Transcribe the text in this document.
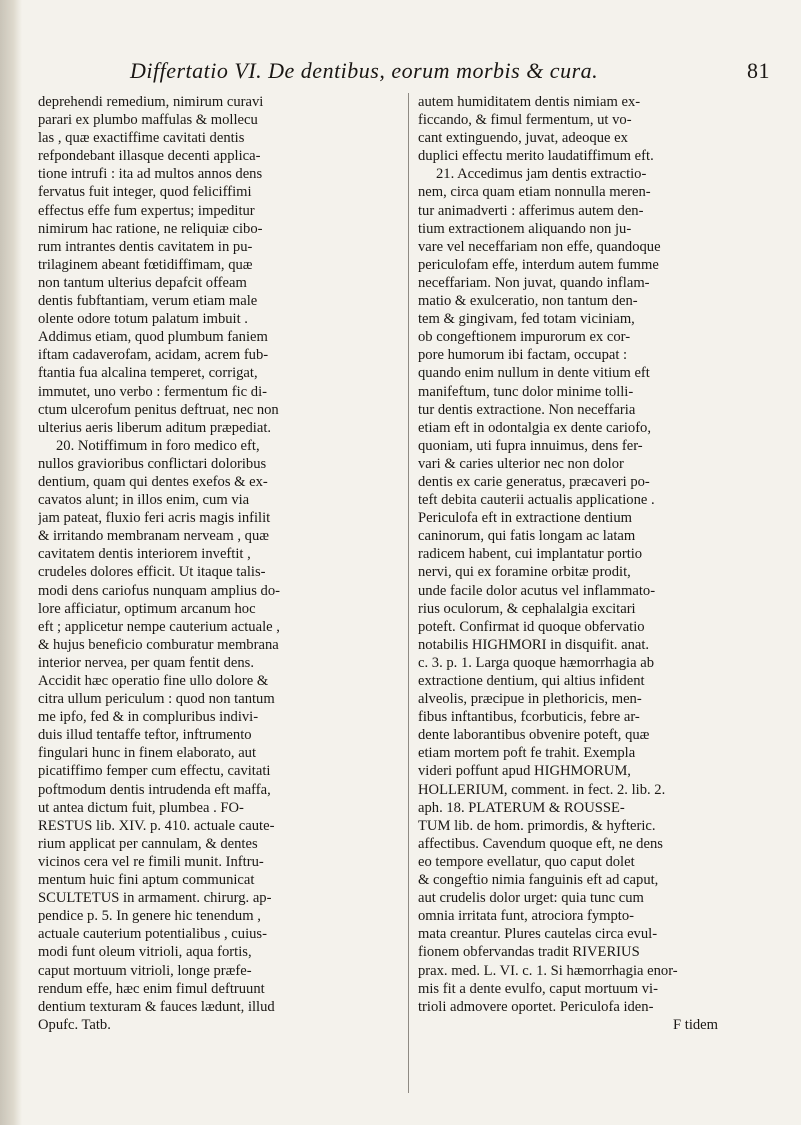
Differtatio VI. De dentibus, eorum morbis & cura.	81
deprehendi remedium, nimirum curavi
parari ex plumbo maffulas & mollecu
las , quæ exactiffime cavitati dentis
refpondebant illasque decenti applica-
tione intrufi : ita ad multos annos dens
fervatus fuit integer, quod feliciffimi
effectus effe fum expertus; impeditur
nimirum hac ratione, ne reliquiæ cibo-
rum intrantes dentis cavitatem in pu-
trilaginem abeant fœtidiffimam, quæ
non tantum ulterius depafcit offeam
dentis fubftantiam, verum etiam male
olente odore totum palatum imbuit .
Addimus etiam, quod plumbum faniem
iftam cadaverofam, acidam, acrem fub-
ftantia fua alcalina temperet, corrigat,
immutet, uno verbo : fermentum fic di-
ctum ulcerofum penitus deftruat, nec non
ulterius aeris liberum aditum præpediat.
20. Notiffimum in foro medico eft,
nullos gravioribus conflictari doloribus
dentium, quam qui dentes exefos & ex-
cavatos alunt; in illos enim, cum via
jam pateat, fluxio feri acris magis infilit
& irritando membranam nerveam , quæ
cavitatem dentis interiorem inveftit ,
crudeles dolores efficit. Ut itaque talis-
modi dens cariofus nunquam amplius do-
lore afficiatur, optimum arcanum hoc
eft ; applicetur nempe cauterium actuale ,
& hujus beneficio comburatur membrana
interior nervea, per quam fentit dens.
Accidit hæc operatio fine ullo dolore &
citra ullum periculum : quod non tantum
me ipfo, fed & in compluribus indivi-
duis illud tentaffe teftor, inftrumento
fingulari hunc in finem elaborato, aut
picatiffimo femper cum effectu, cavitati
poftmodum dentis intrudenda eft maffa,
ut antea dictum fuit, plumbea . FO-
RESTUS lib. XIV. p. 410. actuale caute-
rium applicat per cannulam, & dentes
vicinos cera vel re fimili munit. Inftru-
mentum huic fini aptum communicat
SCULTETUS in armament. chirurg. ap-
pendice p. 5. In genere hic tenendum ,
actuale cauterium potentialibus , cuius-
modi funt oleum vitrioli, aqua fortis,
caput mortuum vitrioli, longe præfe-
rendum effe, hæc enim fimul deftruunt
dentium texturam & fauces lædunt, illud
Opufc. Tatb.
autem humiditatem dentis nimiam ex-
ficcando, & fimul fermentum, ut vo-
cant extinguendo, juvat, adeoque ex
duplici effectu merito laudatiffimum eft.
21. Accedimus jam dentis extractio-
nem, circa quam etiam nonnulla meren-
tur animadverti : afferimus autem den-
tium extractionem aliquando non ju-
vare vel neceffariam non effe, quandoque
periculofam effe, interdum autem fumme
neceffariam. Non juvat, quando inflam-
matio & exulceratio, non tantum den-
tem & gingivam, fed totam viciniam,
ob congeftionem impurorum ex cor-
pore humorum ibi factam, occupat :
quando enim nullum in dente vitium eft
manifeftum, tunc dolor minime tolli-
tur dentis extractione. Non neceffaria
etiam eft in odontalgia ex dente cariofo,
quoniam, uti fupra innuimus, dens fer-
vari & caries ulterior nec non dolor
dentis ex carie generatus, præcaveri po-
teft debita cauterii actualis applicatione .
Periculofa eft in extractione dentium
caninorum, qui fatis longam ac latam
radicem habent, cui implantatur portio
nervi, qui ex foramine orbitæ prodit,
unde facile dolor acutus vel inflammato-
rius oculorum, & cephalalgia excitari
poteft. Confirmat id quoque obfervatio
notabilis HIGHMORI in disquifit. anat.
c. 3. p. 1. Larga quoque hæmorrhagia ab
extractione dentium, qui altius infident
alveolis, præcipue in plethoricis, men-
fibus inftantibus, fcorbuticis, febre ar-
dente laborantibus obvenire poteft, quæ
etiam mortem poft fe trahit. Exempla
videri poffunt apud HIGHMORUM,
HOLLERIUM, comment. in fect. 2. lib. 2.
aph. 18. PLATERUM & ROUSSE-
TUM lib. de hom. primordis, & hyfteric.
affectibus. Cavendum quoque eft, ne dens
eo tempore evellatur, quo caput dolet
& congeftio nimia fanguinis eft ad caput,
aut crudelis dolor urget: quia tunc cum
omnia irritata funt, atrociora fympto-
mata creantur. Plures cautelas circa evul-
fionem obfervandas tradit RIVERIUS
prax. med. L. VI. c. 1. Si hæmorrhagia enor-
mis fit a dente evulfo, caput mortuum vi-
trioli admovere oportet. Periculofa iden-
F tidem
